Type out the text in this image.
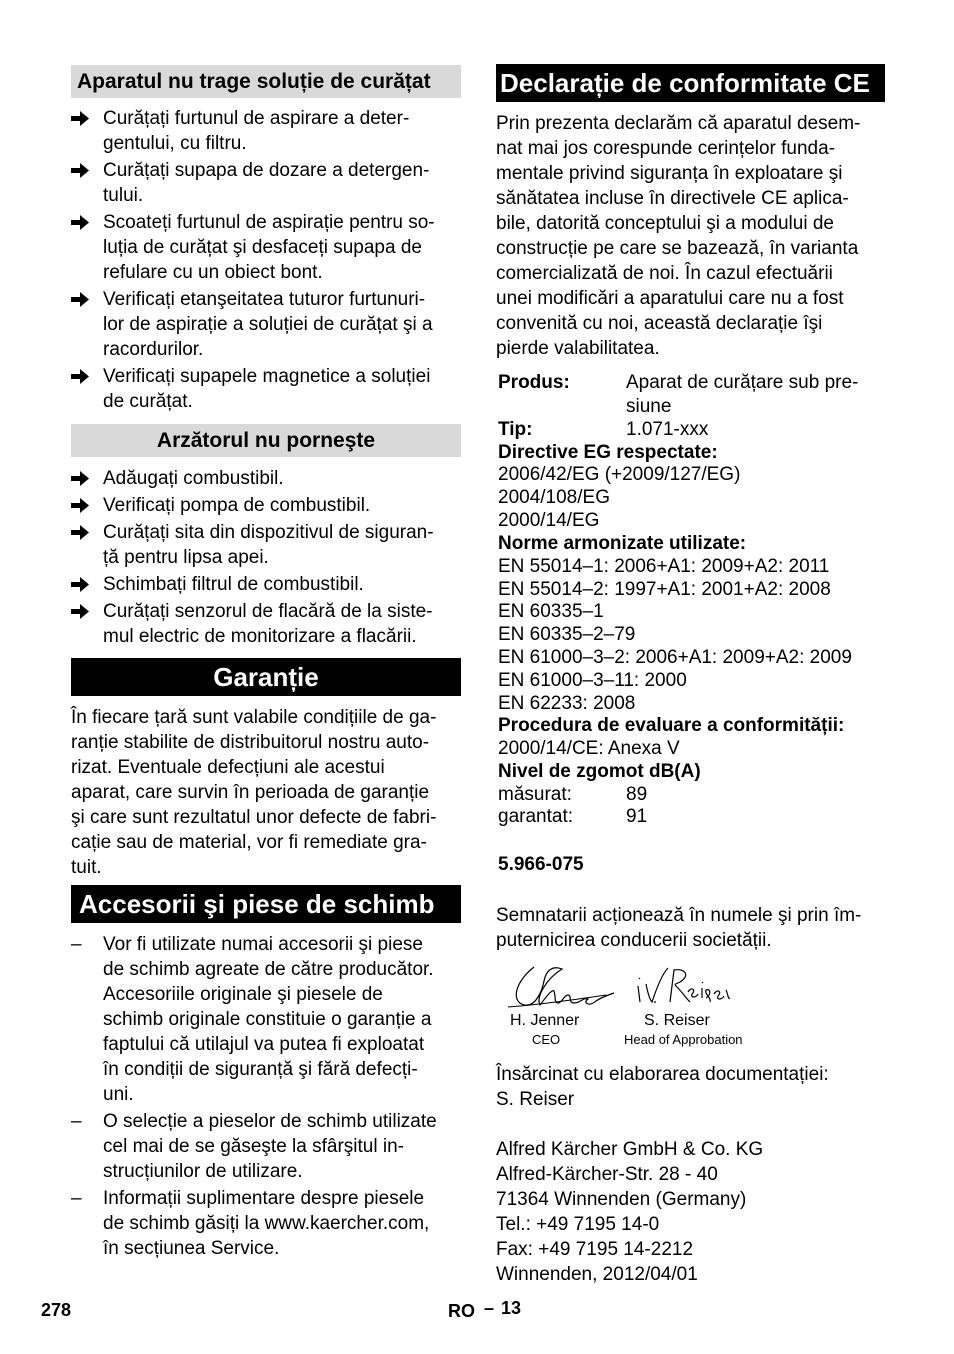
Aparatul nu trage soluție de curățat
Curățați furtunul de aspirare a deter-
gentului, cu filtru.
Curățați supapa de dozare a detergen-
tului.
Scoateți furtunul de aspirație pentru so-
luția de curățat şi desfaceți supapa de
refulare cu un obiect bont.
Verificați etanşeitatea tuturor furtunuri-
lor de aspirație a soluției de curățat şi a
racordurilor.
Verificați supapele magnetice a soluției
de curățat.
Arzătorul nu porneşte
Adăugați combustibil.
Verificați pompa de combustibil.
Curățați sita din dispozitivul de siguran-
ță pentru lipsa apei.
Schimbați filtrul de combustibil.
Curățați senzorul de flacără de la siste-
mul electric de monitorizare a flacării.
Garanție
În fiecare țară sunt valabile condițiile de ga-
ranție stabilite de distribuitorul nostru auto-
rizat. Eventuale defecțiuni ale acestui
aparat, care survin în perioada de garanție
şi care sunt rezultatul unor defecte de fabri-
cație sau de material, vor fi remediate gra-
tuit.
Accesorii şi piese de schimb
–	Vor fi utilizate numai accesorii şi piese
de schimb agreate de către producător.
Accesoriile originale şi piesele de
schimb originale constituie o garanție a
faptului că utilajul va putea fi exploatat
în condiții de siguranță şi fără defecți-
uni.
–	O selecție a pieselor de schimb utilizate
cel mai de se găseşte la sfârşitul in-
strucțiunilor de utilizare.
–	Informații suplimentare despre piesele
de schimb găsiți la www.kaercher.com,
în secțiunea Service.
Declarație de conformitate CE
Prin prezenta declarăm că aparatul desem-
nat mai jos corespunde cerințelor funda-
mentale privind siguranța în exploatare şi
sănătatea incluse în directivele CE aplica-
bile, datorită conceptului şi a modului de
construcție pe care se bazează, în varianta
comercializată de noi. În cazul efectuării
unei modificări a aparatului care nu a fost
convenită cu noi, această declarație îşi
pierde valabilitatea.
Produs:	Aparat de curățare sub pre-
siune
Tip:	1.071-xxx
Directive EG respectate:
2006/42/EG (+2009/127/EG)
2004/108/EG
2000/14/EG
Norme armonizate utilizate:
EN 55014–1: 2006+A1: 2009+A2: 2011
EN 55014–2: 1997+A1: 2001+A2: 2008
EN 60335–1
EN 60335–2–79
EN 61000–3–2: 2006+A1: 2009+A2: 2009
EN 61000–3–11: 2000
EN 62233: 2008
Procedura de evaluare a conformității:
2000/14/CE: Anexa V
Nivel de zgomot dB(A)
măsurat:	89
garantat:	91
5.966-075
Semnatarii acționează în numele şi prin îm-
puternicirea conducerii societății.
H. Jenner
CEO
S. Reiser
Head of Approbation
Însărcinat cu elaborarea documentației:
S. Reiser
Alfred Kärcher GmbH & Co. KG
Alfred-Kärcher-Str. 28 - 40
71364 Winnenden (Germany)
Tel.: +49 7195 14-0
Fax: +49 7195 14-2212
Winnenden, 2012/04/01
278	RO – 13
